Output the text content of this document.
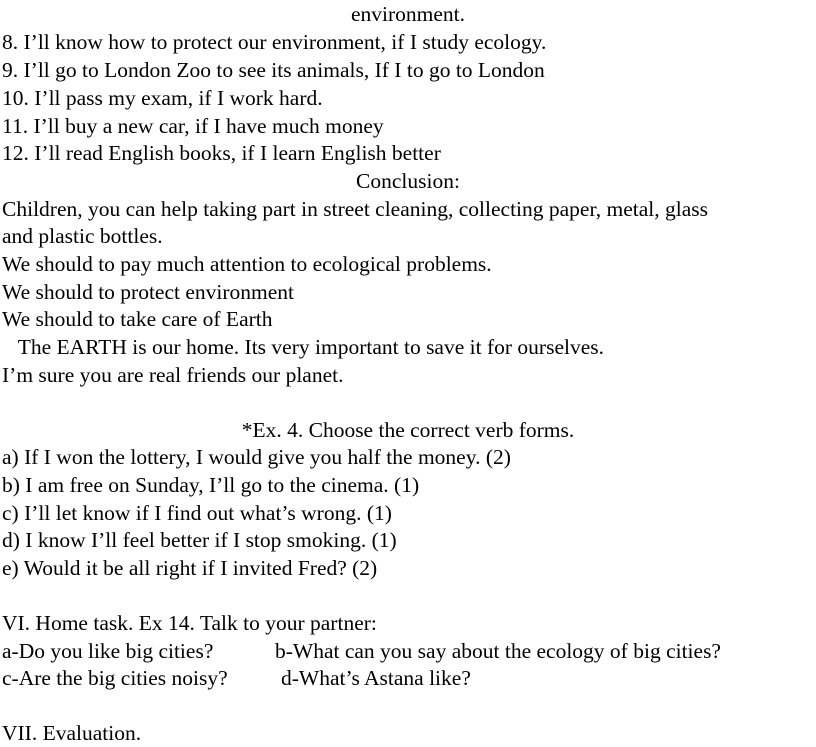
environment.
8. I’ll know how to protect our environment, if I study ecology.
9. I’ll go to London Zoo to see its animals, If I to go to London
10. I’ll pass my exam, if I work hard.
11. I’ll buy a new car, if I have much money
12. I’ll read English books, if I learn English better
Conclusion:
Children, you can help taking part in street cleaning, collecting paper, metal, glass
and plastic bottles.
We should to pay much attention to ecological problems.
We should to protect environment
We should to take care of Earth
The EARTH is our home. Its very important to save it for ourselves.
I’m sure you are real friends our planet.
*Ex. 4. Choose the correct verb forms.
a) If I won the lottery, I would give you half the money. (2)
b) I am free on Sunday, I’ll go to the cinema. (1)
c) I’ll let know if I find out what’s wrong. (1)
d) I know I’ll feel better if I stop smoking. (1)
e) Would it be all right if I invited Fred? (2)
VI. Home task. Ex 14. Talk to your partner:
a-Do you like big cities?	b-What can you say about the ecology of big cities?
c-Are the big cities noisy? d-What’s Astana like?
VII. Evaluation.
